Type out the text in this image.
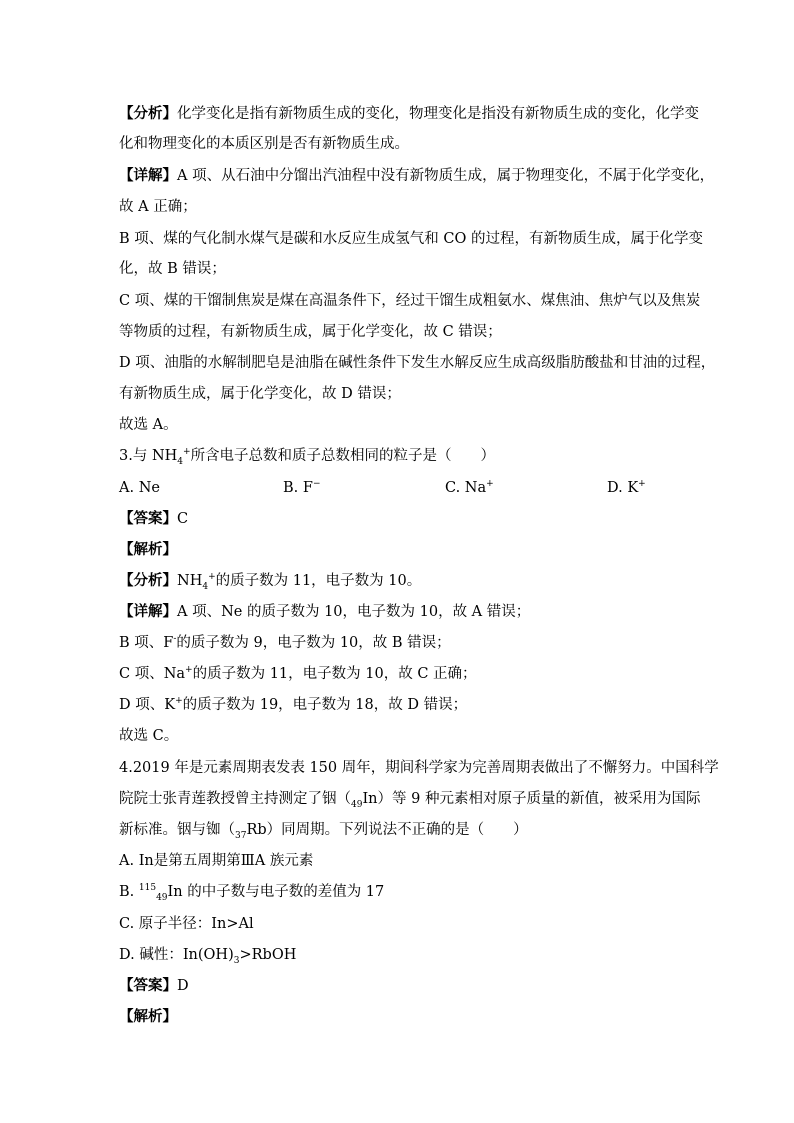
【分析】化学变化是指有新物质生成的变化，物理变化是指没有新物质生成的变化，化学变
化和物理变化的本质区别是否有新物质生成。
【详解】A 项、从石油中分馏出汽油程中没有新物质生成，属于物理变化，不属于化学变化，
故 A 正确；
B 项、煤的气化制水煤气是碳和水反应生成氢气和 CO 的过程，有新物质生成，属于化学变
化，故 B 错误；
C 项、煤的干馏制焦炭是煤在高温条件下，经过干馏生成粗氨水、煤焦油、焦炉气以及焦炭
等物质的过程，有新物质生成，属于化学变化，故 C 错误；
D 项、油脂的水解制肥皂是油脂在碱性条件下发生水解反应生成高级脂肪酸盐和甘油的过程，
有新物质生成，属于化学变化，故 D 错误；
故选 A。
3.与 $NH_4^+$所含电子总数和质子总数相同的粒子是（　　）
A. Ne	B. F−	C. Na+	D. K+
【答案】C
【解析】
【分析】$NH_4^+$的质子数为 11，电子数为 10。
【详解】A 项、Ne 的质子数为 10，电子数为 10，故 A 错误；
B 项、F-的质子数为 9，电子数为 10，故 B 错误；
C 项、Na+的质子数为 11，电子数为 10，故 C 正确；
D 项、K+的质子数为 19，电子数为 18，故 D 错误；
故选 C。
4.2019 年是元素周期表发表 150 周年，期间科学家为完善周期表做出了不懈努力。中国科学
院院士张青莲教授曾主持测定了铟$(_{49}In)$等 9 种元素相对原子质量的新值，被采用为国际
新标准。铟与铷$(_{37}Rb)$同周期。下列说法不正确的是（　　）
A. In是第五周期第ⅢA 族元素
B. $^{115}_{49}$In 的中子数与电子数的差值为 17
C. 原子半径：In>Al
D. 碱性：$In(OH)_3>RbOH$
【答案】D
【解析】
